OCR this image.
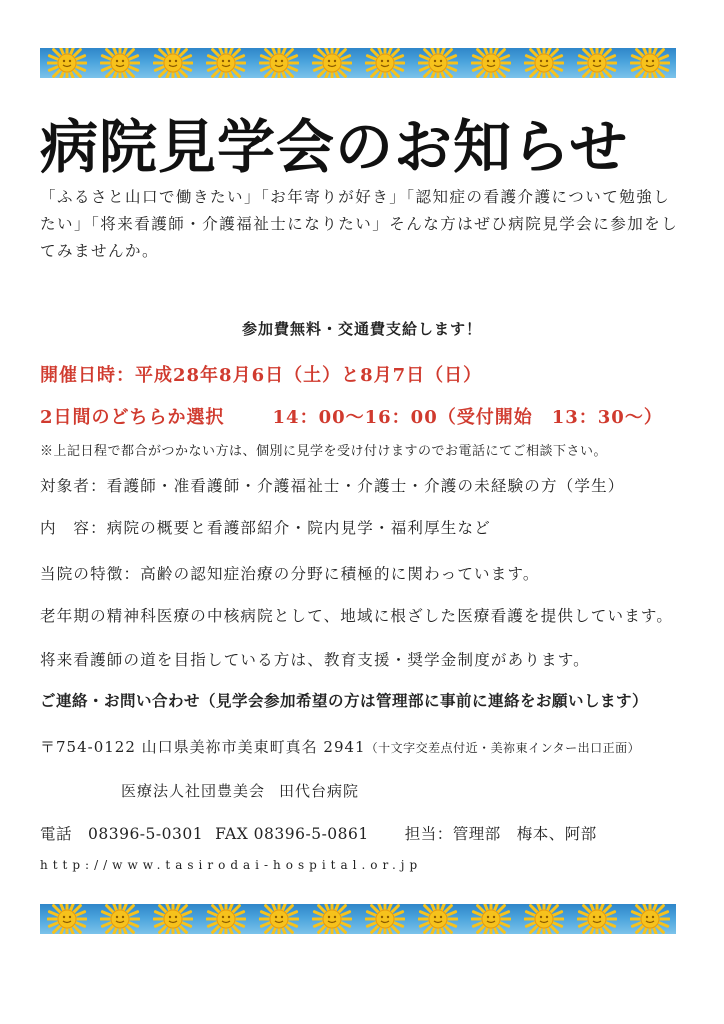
病院見学会のお知らせ

「ふるさと山口で働きたい」「お年寄りが好き」「認知症の看護介護について勉強したい」「将来看護師・介護福祉士になりたい」そんな方はぜひ病院見学会に参加をしてみませんか。

参加費無料・交通費支給します！

開催日時：平成28年8月6日（土）と8月7日（日）

2日間のどちらか選択	14：00〜16：00（受付開始　13：30〜）

※上記日程で都合がつかない方は、個別に見学を受け付けますのでお電話にてご相談下さい。

対象者：看護師・准看護師・介護福祉士・介護士・介護の未経験の方（学生）

内　容：病院の概要と看護部紹介・院内見学・福利厚生など

当院の特徴：高齢の認知症治療の分野に積極的に関わっています。

老年期の精神科医療の中核病院として、地域に根ざした医療看護を提供しています。

将来看護師の道を目指している方は、教育支援・奨学金制度があります。

ご連絡・お問い合わせ（見学会参加希望の方は管理部に事前に連絡をお願いします）

〒754-0122 山口県美祢市美東町真名 2941（十文字交差点付近・美祢東インター出口正面）

医療法人社団豊美会 田代台病院

電話　08396-5-0301 FAX 08396-5-0861 担当：管理部　梅本、阿部

http://www.tasirodai-hospital.or.jp
